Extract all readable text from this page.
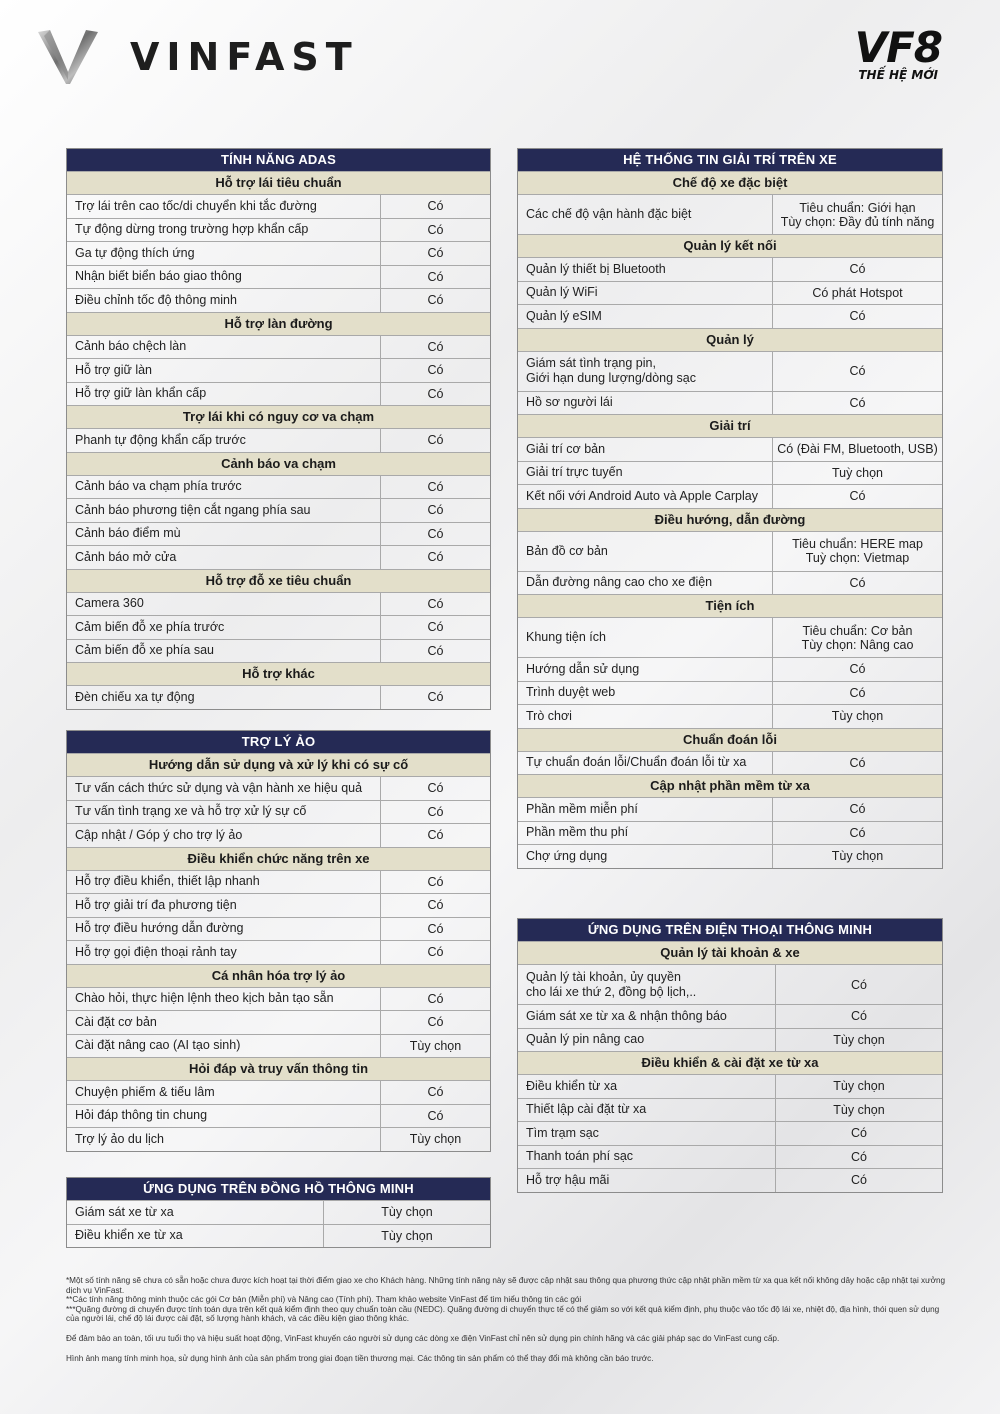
VINFAST	VF8
THẾ HỆ MỚI
TÍNH NĂNG ADAS
Hỗ trợ lái tiêu chuẩn
Trợ lái trên cao tốc/di chuyển khi tắc đường	Có
Tự động dừng trong trường hợp khẩn cấp	Có
Ga tự động thích ứng	Có
Nhận biết biển báo giao thông	Có
Điều chỉnh tốc độ thông minh	Có
Hỗ trợ làn đường
Cảnh báo chệch làn	Có
Hỗ trợ giữ làn	Có
Hỗ trợ giữ làn khẩn cấp	Có
Trợ lái khi có nguy cơ va chạm
Phanh tự động khẩn cấp trước	Có
Cảnh báo va chạm
Cảnh báo va chạm phía trước	Có
Cảnh báo phương tiện cắt ngang phía sau	Có
Cảnh báo điểm mù	Có
Cảnh báo mở cửa	Có
Hỗ trợ đỗ xe tiêu chuẩn
Camera 360	Có
Cảm biến đỗ xe phía trước	Có
Cảm biến đỗ xe phía sau	Có
Hỗ trợ khác
Đèn chiếu xa tự động	Có
TRỢ LÝ ẢO
Hướng dẫn sử dụng và xử lý khi có sự cố
Tư vấn cách thức sử dụng và vận hành xe hiệu quả	Có
Tư vấn tình trạng xe và hỗ trợ xử lý sự cố	Có
Cập nhật / Góp ý cho trợ lý ảo	Có
Điều khiển chức năng trên xe
Hỗ trợ điều khiển, thiết lập nhanh	Có
Hỗ trợ giải trí đa phương tiện	Có
Hỗ trợ điều hướng dẫn đường	Có
Hỗ trợ gọi điện thoại rảnh tay	Có
Cá nhân hóa trợ lý ảo
Chào hỏi, thực hiện lệnh theo kịch bản tạo sẵn	Có
Cài đặt cơ bản	Có
Cài đặt nâng cao (AI tạo sinh)	Tùy chọn
Hỏi đáp và truy vấn thông tin
Chuyện phiếm & tiếu lâm	Có
Hỏi đáp thông tin chung	Có
Trợ lý ảo du lịch	Tùy chọn
ỨNG DỤNG TRÊN ĐỒNG HỒ THÔNG MINH
Giám sát xe từ xa	Tùy chọn
Điều khiển xe từ xa	Tùy chọn
HỆ THỐNG TIN GIẢI TRÍ TRÊN XE
Chế độ xe đặc biệt
Các chế độ vận hành đặc biệt	Tiêu chuẩn: Giới hạn
Tùy chọn: Đầy đủ tính năng
Quản lý kết nối
Quản lý thiết bị Bluetooth	Có
Quản lý WiFi	Có phát Hotspot
Quản lý eSIM	Có
Quản lý
Giám sát tình trạng pin,
Giới hạn dung lượng/dòng sạc	Có
Hồ sơ người lái	Có
Giải trí
Giải trí cơ bản	Có (Đài FM, Bluetooth, USB)
Giải trí trực tuyến	Tuỳ chọn
Kết nối với Android Auto và Apple Carplay	Có
Điều hướng, dẫn đường
Bản đồ cơ bản	Tiêu chuẩn: HERE map
Tuỳ chọn: Vietmap
Dẫn đường nâng cao cho xe điện	Có
Tiện ích
Khung tiện ích	Tiêu chuẩn: Cơ bản
Tùy chọn: Nâng cao
Hướng dẫn sử dụng	Có
Trình duyệt web	Có
Trò chơi	Tùy chọn
Chuẩn đoán lỗi
Tự chuẩn đoán lỗi/Chuẩn đoán lỗi từ xa	Có
Cập nhật phần mềm từ xa
Phần mềm miễn phí	Có
Phần mềm thu phí	Có
Chợ ứng dụng	Tùy chọn
ỨNG DỤNG TRÊN ĐIỆN THOẠI THÔNG MINH
Quản lý tài khoản & xe
Quản lý tài khoản, ủy quyền
cho lái xe thứ 2, đồng bộ lịch,..	Có
Giám sát xe từ xa & nhận thông báo	Có
Quản lý pin nâng cao	Tùy chọn
Điều khiển & cài đặt xe từ xa
Điều khiển từ xa	Tùy chọn
Thiết lập cài đặt từ xa	Tùy chọn
Tìm trạm sạc	Có
Thanh toán phí sạc	Có
Hỗ trợ hậu mãi	Có

*Một số tính năng sẽ chưa có sẵn hoặc chưa được kích hoạt tại thời điểm giao xe cho Khách hàng. Những tính năng này sẽ được cập nhật sau thông qua phương thức cập nhật phần mềm từ xa qua kết nối không dây hoặc cập nhật tại xưởng dịch vụ VinFast.

**Các tính năng thông minh thuộc các gói Cơ bản (Miễn phí) và Nâng cao (Tính phí). Tham khảo website VinFast để tìm hiểu thông tin các gói

***Quãng đường di chuyển được tính toán dựa trên kết quả kiểm định theo quy chuẩn toàn cầu (NEDC). Quãng đường di chuyển thực tế có thể giảm so với kết quả kiểm định, phụ thuộc vào tốc độ lái xe, nhiệt độ, địa hình, thói quen sử dụng của người lái, chế độ lái được cài đặt, số lượng hành khách, và các điều kiện giao thông khác.

Để đảm bảo an toàn, tối ưu tuổi thọ và hiệu suất hoạt động, VinFast khuyến cáo người sử dụng các dòng xe điện VinFast chỉ nên sử dụng pin chính hãng và các giải pháp sạc do VinFast cung cấp.

Hình ảnh mang tính minh họa, sử dụng hình ảnh của sản phẩm trong giai đoạn tiền thương mại. Các thông tin sản phẩm có thể thay đổi mà không cần báo trước.
